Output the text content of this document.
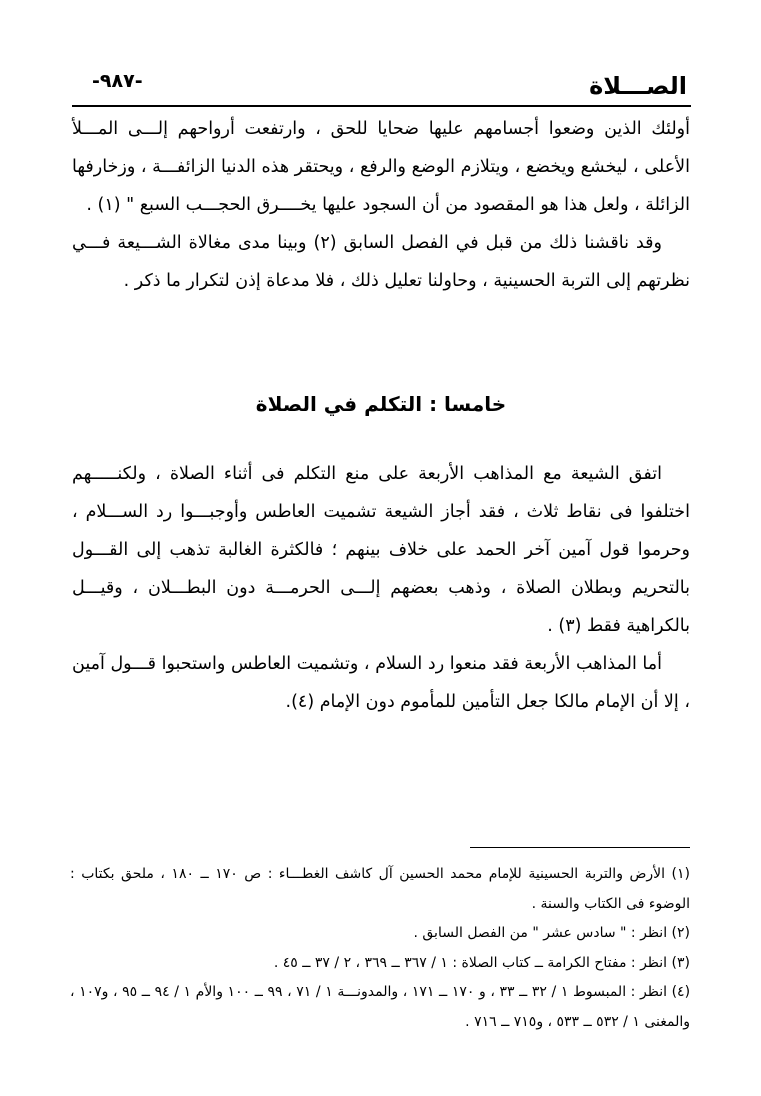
الصـــلاة
-٩٨٧-

أولئك الذين وضعوا أجسامهم عليها ضحايا للحق ، وارتفعت أرواحهم إلـــى المـــلأ الأعلى ، ليخشع ويخضع ، ويتلازم الوضع والرفع ، ويحتقر هذه الدنيا الزائفـــة ، وزخارفها الزائلة ، ولعل هذا هو المقصود من أن السجود عليها يخــــرق الحجـــب السبع " (١) .

وقد ناقشنا ذلك من قبل في الفصل السابق (٢) وبينا مدى مغالاة الشـــيعة فـــي نظرتهم إلى التربة الحسينية ، وحاولنا تعليل ذلك ، فلا مدعاة إذن لتكرار ما ذكر .

خامسا : التكلم في الصلاة

اتفق الشيعة مع المذاهب الأربعة على منع التكلم فى أثناء الصلاة ، ولكنـــــهم اختلفوا فى نقاط ثلاث ، فقد أجاز الشيعة تشميت العاطس وأوجبـــوا رد الســـلام ، وحرموا قول آمين آخر الحمد على خلاف بينهم ؛ فالكثرة الغالبة تذهب إلى القـــول بالتحريم وبطلان الصلاة ، وذهب بعضهم إلـــى الحرمـــة دون البطـــلان ، وقيـــل بالكراهية فقط (٣) .

أما المذاهب الأربعة فقد منعوا رد السلام ، وتشميت العاطس واستحبوا قـــول آمين ، إلا أن الإمام مالكا جعل التأمين للمأموم دون الإمام (٤).

(١) الأرض والتربة الحسينية للإمام محمد الحسين آل كاشف الغطـــاء : ص ١٧٠ ــ ١٨٠ ، ملحق بكتاب : الوضوء فى الكتاب والسنة .

(٢) انظر : " سادس عشر " من الفصل السابق .

(٣) انظر : مفتاح الكرامة ــ كتاب الصلاة : ١ / ٣٦٧ ــ ٣٦٩ ، ٢ / ٣٧ ــ ٤٥ .

(٤) انظر : المبسوط ١ / ٣٢ ــ ٣٣ ، و ١٧٠ ــ ١٧١ ، والمدونـــة ١ / ٧١ ، ٩٩ ــ ١٠٠ والأم ١ / ٩٤ ــ ٩٥ ، و١٠٧ ، والمغنى ١ / ٥٣٢ ــ ٥٣٣ ، و٧١٥ ــ ٧١٦ .
